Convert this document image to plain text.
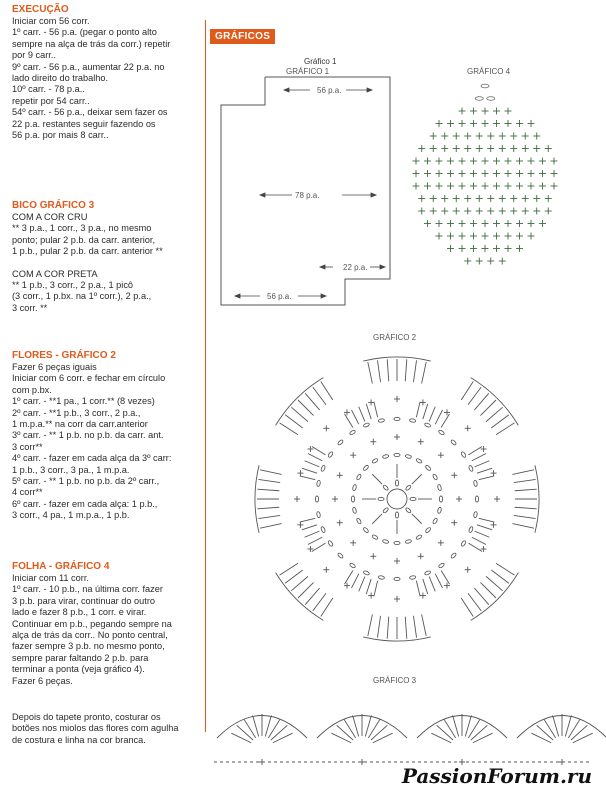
EXECUÇÃO
Iniciar com 56 corr.
1º carr. - 56 p.a. (pegar o ponto alto
sempre na alça de trás da corr.) repetir
por 9 carr..
9º carr. - 56 p.a., aumentar 22 p.a. no
lado direito do trabalho.
10º carr. - 78 p.a..
repetir por 54 carr..
54º carr. - 56 p.a., deixar sem fazer os
22 p.a. restantes seguir fazendo os
56 p.a. por mais 8 carr..
BICO GRÁFICO 3
COM A COR CRU
** 3 p.a., 1 corr., 3 p.a., no mesmo
ponto; pular 2 p.b. da carr. anterior,
1 p.b., pular 2 p.b. da carr. anterior **
COM A COR PRETA
** 1 p.b., 3 corr., 2 p.a., 1 picô
(3 corr., 1 p.bx. na 1º corr.), 2 p.a.,
3 corr. **
FLORES - GRÁFICO 2
Fazer 6 peças iguais
Iniciar com 6 corr. e fechar em círculo
com p.bx.
1º carr. - **1 pa., 1 corr.** (8 vezes)
2º carr. - **1 p.b., 3 corr., 2 p.a.,
1 m.p.a.** na corr da carr.anterior
3º carr. - ** 1 p.b. no p.b. da carr. ant.
3 corr**
4º carr. - fazer em cada alça da 3º carr:
1 p.b., 3 corr., 3 pa., 1 m.p.a.
5º carr. - ** 1 p.b. no p.b. da 2º carr.,
4 corr**
6º carr. - fazer em cada alça: 1 p.b.,
3 corr., 4 pa., 1 m.p.a., 1 p.b.
FOLHA - GRÁFICO 4
Iniciar com 11 corr.
1º carr. - 10 p.b., na última corr. fazer
3 p.b. para virar, continuar do outro
lado e fazer 8 p.b., 1 corr. e virar.
Continuar em p.b., pegando sempre na
alça de trás da corr.. No ponto central,
fazer sempre 3 p.b. no mesmo ponto,
sempre parar faltando 2 p.b. para
terminar a ponta (veja gráfico 4).
Fazer 6 peças.
Depois do tapete pronto, costurar os
botões nos miolos das flores com agulha
de costura e linha na cor branca.
GRÁFICOS
Gráfico 1
GRÁFICO 1
56 p.a.
78 p.a.
22 p.a.
56 p.a.
GRÁFICO 4
GRÁFICO 2
GRÁFICO 3
PassionForum.ru
